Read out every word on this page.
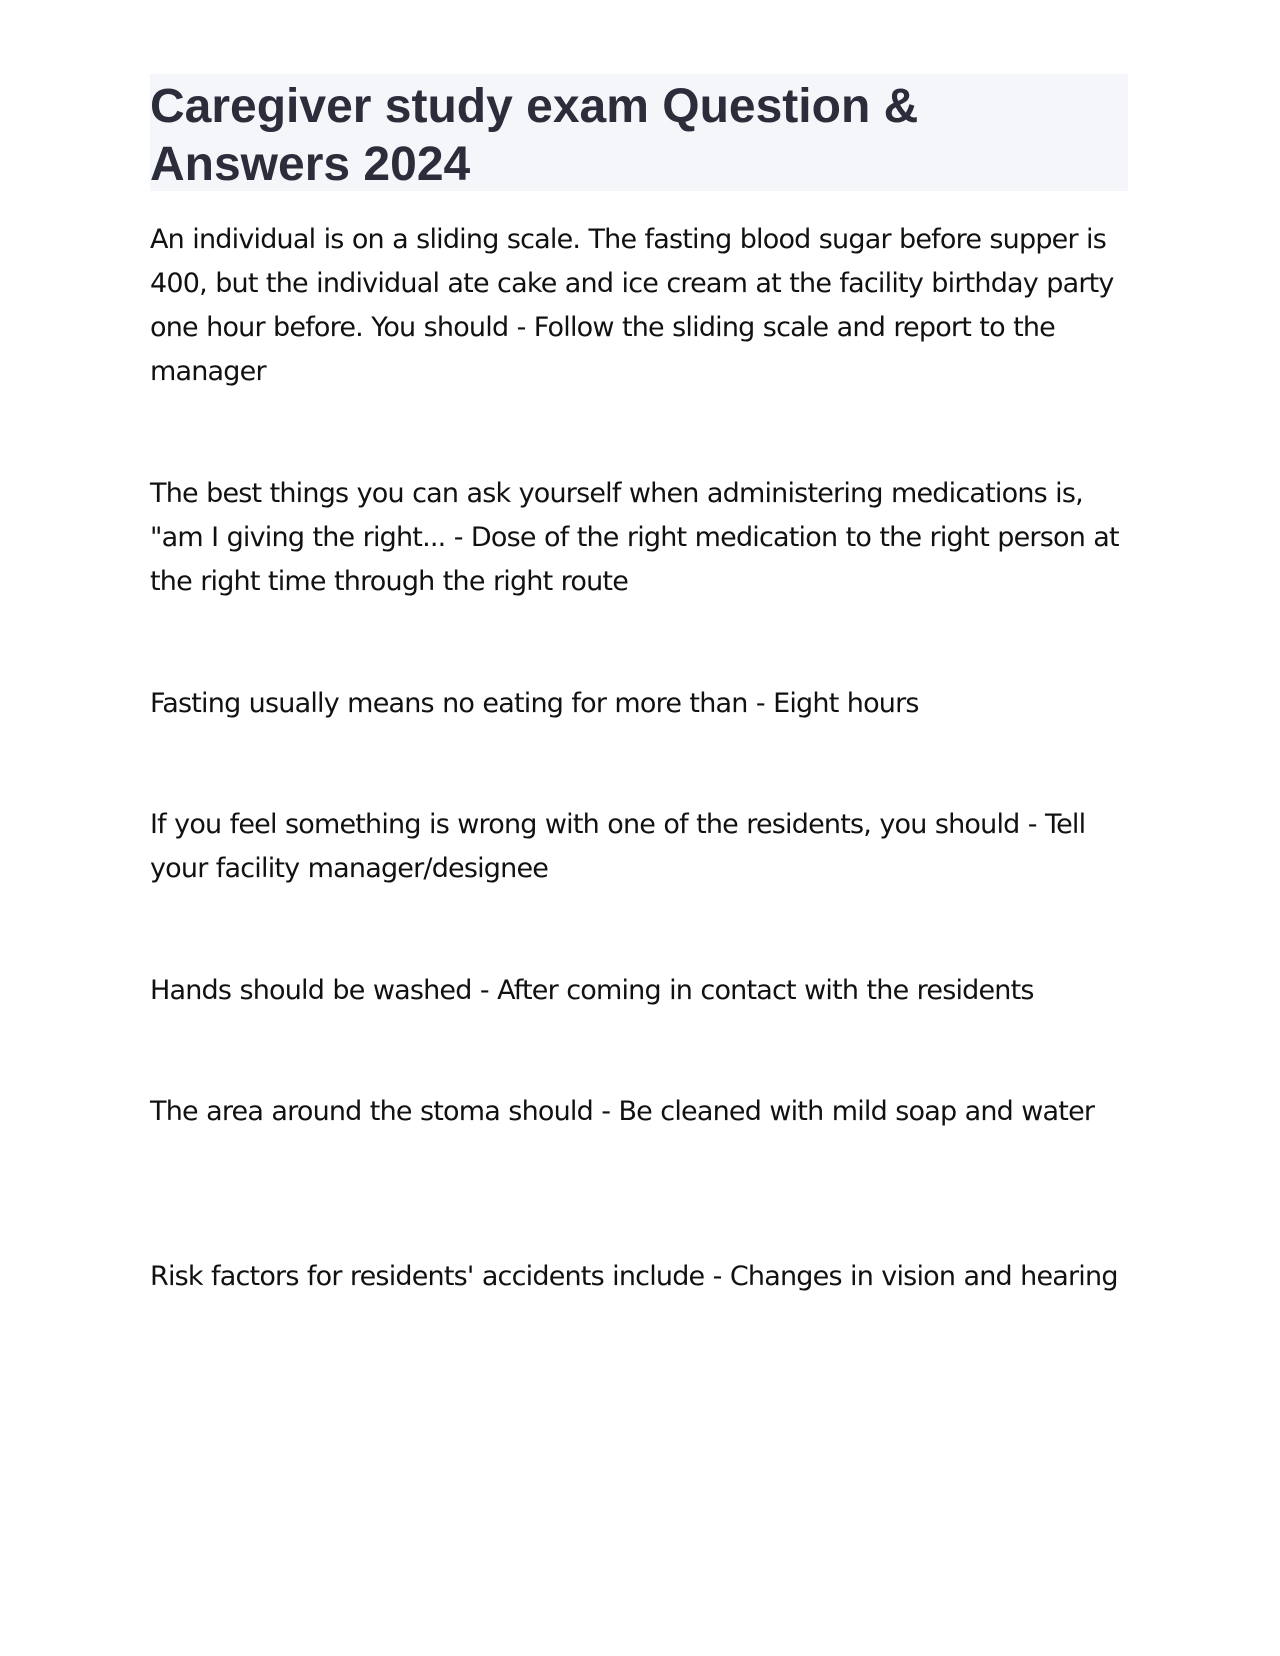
Caregiver study exam Question & Answers 2024

An individual is on a sliding scale. The fasting blood sugar before supper is 400, but the individual ate cake and ice cream at the facility birthday party one hour before. You should - Follow the sliding scale and report to the manager

The best things you can ask yourself when administering medications is, "am I giving the right... - Dose of the right medication to the right person at the right time through the right route

Fasting usually means no eating for more than - Eight hours

If you feel something is wrong with one of the residents, you should - Tell your facility manager/designee

Hands should be washed - After coming in contact with the residents

The area around the stoma should - Be cleaned with mild soap and water

Risk factors for residents' accidents include - Changes in vision and hearing
